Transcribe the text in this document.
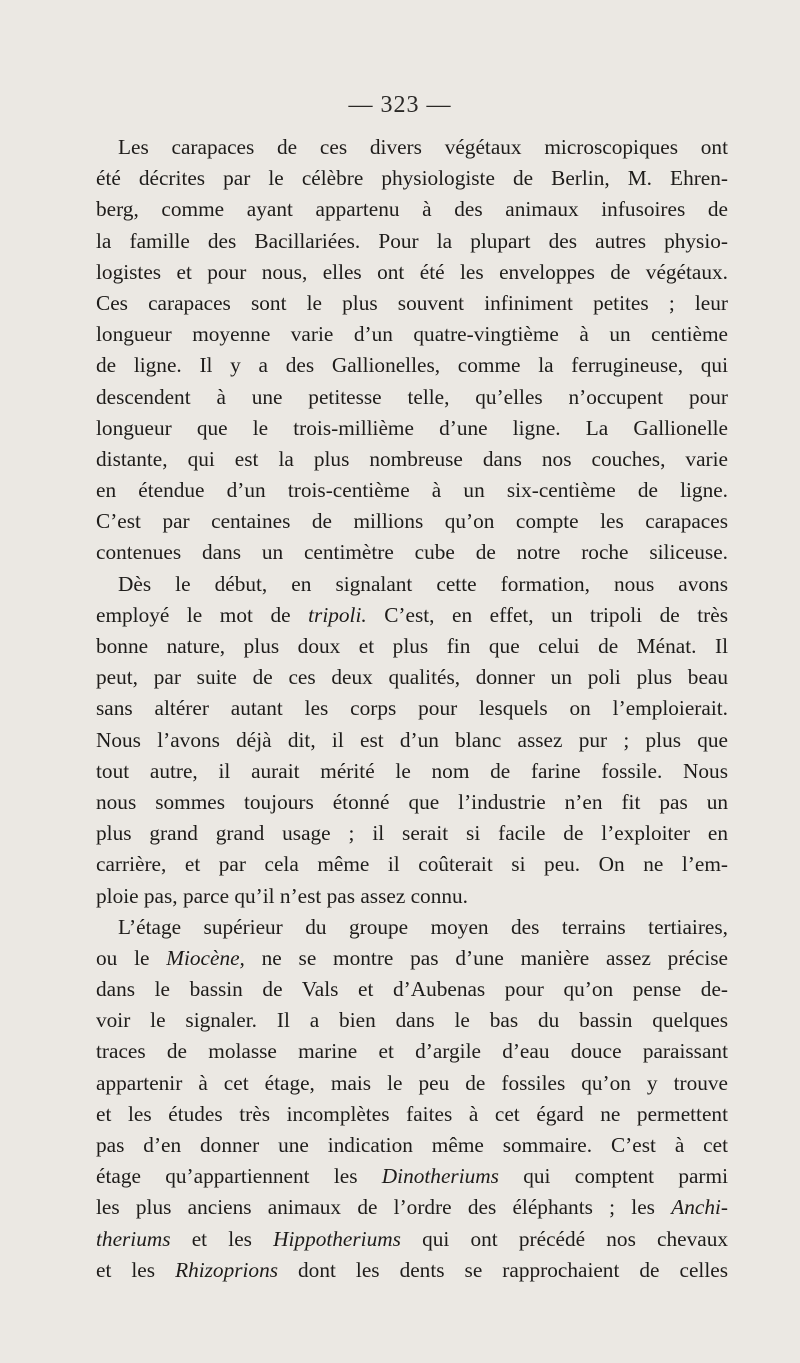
— 323 —
Les carapaces de ces divers végétaux microscopiques ont
été décrites par le célèbre physiologiste de Berlin, M. Ehren-
berg, comme ayant appartenu à des animaux infusoires de
la famille des Bacillariées. Pour la plupart des autres physio-
logistes et pour nous, elles ont été les enveloppes de végétaux.
Ces carapaces sont le plus souvent infiniment petites ; leur
longueur moyenne varie d’un quatre-vingtième à un centième
de ligne. Il y a des Gallionelles, comme la ferrugineuse, qui
descendent à une petitesse telle, qu’elles n’occupent pour
longueur que le trois-millième d’une ligne. La Gallionelle
distante, qui est la plus nombreuse dans nos couches, varie
en étendue d’un trois-centième à un six-centième de ligne.
C’est par centaines de millions qu’on compte les carapaces
contenues dans un centimètre cube de notre roche siliceuse.
Dès le début, en signalant cette formation, nous avons
employé le mot de tripoli. C’est, en effet, un tripoli de très
bonne nature, plus doux et plus fin que celui de Ménat. Il
peut, par suite de ces deux qualités, donner un poli plus beau
sans altérer autant les corps pour lesquels on l’emploierait.
Nous l’avons déjà dit, il est d’un blanc assez pur ; plus que
tout autre, il aurait mérité le nom de farine fossile. Nous
nous sommes toujours étonné que l’industrie n’en fit pas un
plus grand grand usage ; il serait si facile de l’exploiter en
carrière, et par cela même il coûterait si peu. On ne l’em-
ploie pas, parce qu’il n’est pas assez connu.
L’étage supérieur du groupe moyen des terrains tertiaires,
ou le Miocène, ne se montre pas d’une manière assez précise
dans le bassin de Vals et d’Aubenas pour qu’on pense de-
voir le signaler. Il a bien dans le bas du bassin quelques
traces de molasse marine et d’argile d’eau douce paraissant
appartenir à cet étage, mais le peu de fossiles qu’on y trouve
et les études très incomplètes faites à cet égard ne permettent
pas d’en donner une indication même sommaire. C’est à cet
étage qu’appartiennent les Dinotheriums qui comptent parmi
les plus anciens animaux de l’ordre des éléphants ; les Anchi-
theriums et les Hippotheriums qui ont précédé nos chevaux
et les Rhizoprions dont les dents se rapprochaient de celles
